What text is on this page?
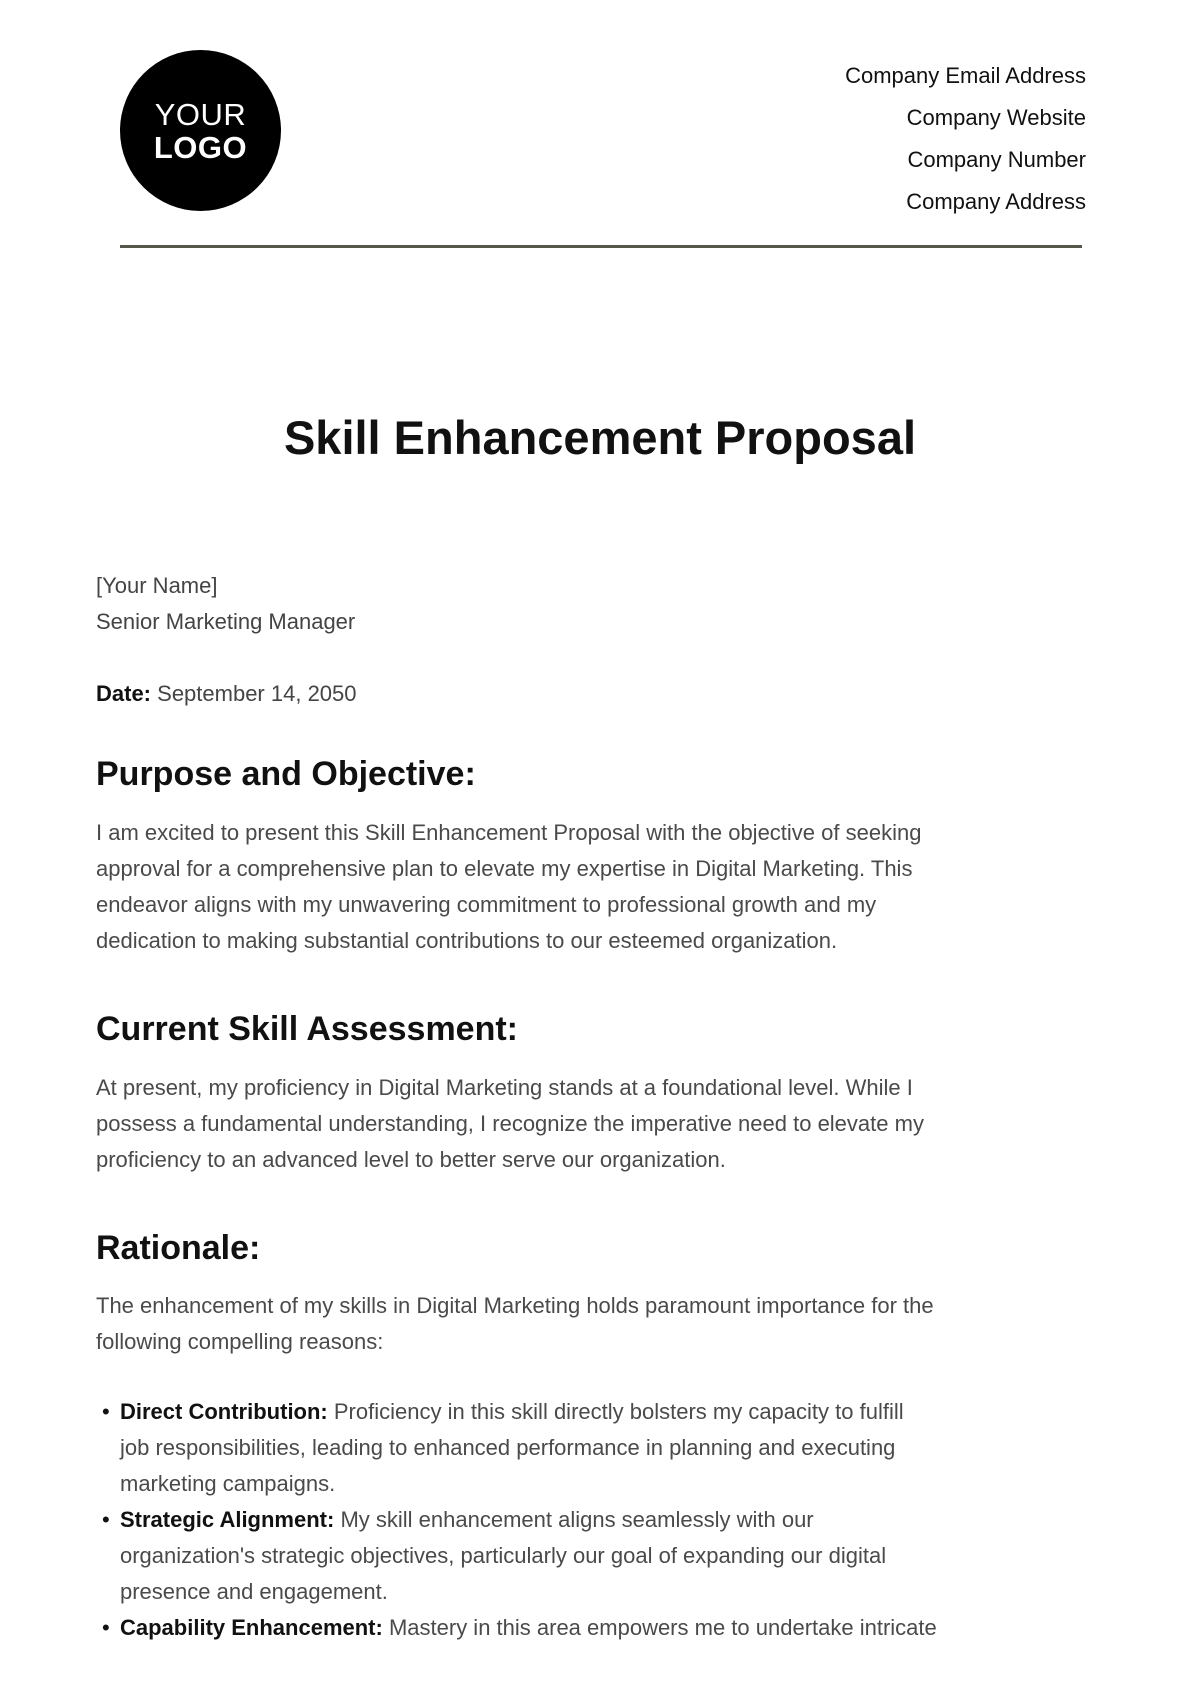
YOUR
LOGO
Company Email Address
Company Website
Company Number
Company Address
Skill Enhancement Proposal
[Your Name]
Senior Marketing Manager
Date: September 14, 2050
Purpose and Objective:

I am excited to present this Skill Enhancement Proposal with the objective of seeking
approval for a comprehensive plan to elevate my expertise in Digital Marketing. This
endeavor aligns with my unwavering commitment to professional growth and my
dedication to making substantial contributions to our esteemed organization.

Current Skill Assessment:

At present, my proficiency in Digital Marketing stands at a foundational level. While I
possess a fundamental understanding, I recognize the imperative need to elevate my
proficiency to an advanced level to better serve our organization.

Rationale:

The enhancement of my skills in Digital Marketing holds paramount importance for the
following compelling reasons:

• Direct Contribution: Proficiency in this skill directly bolsters my capacity to fulfill
job responsibilities, leading to enhanced performance in planning and executing
marketing campaigns.
• Strategic Alignment: My skill enhancement aligns seamlessly with our
organization's strategic objectives, particularly our goal of expanding our digital
presence and engagement.
• Capability Enhancement: Mastery in this area empowers me to undertake intricate
